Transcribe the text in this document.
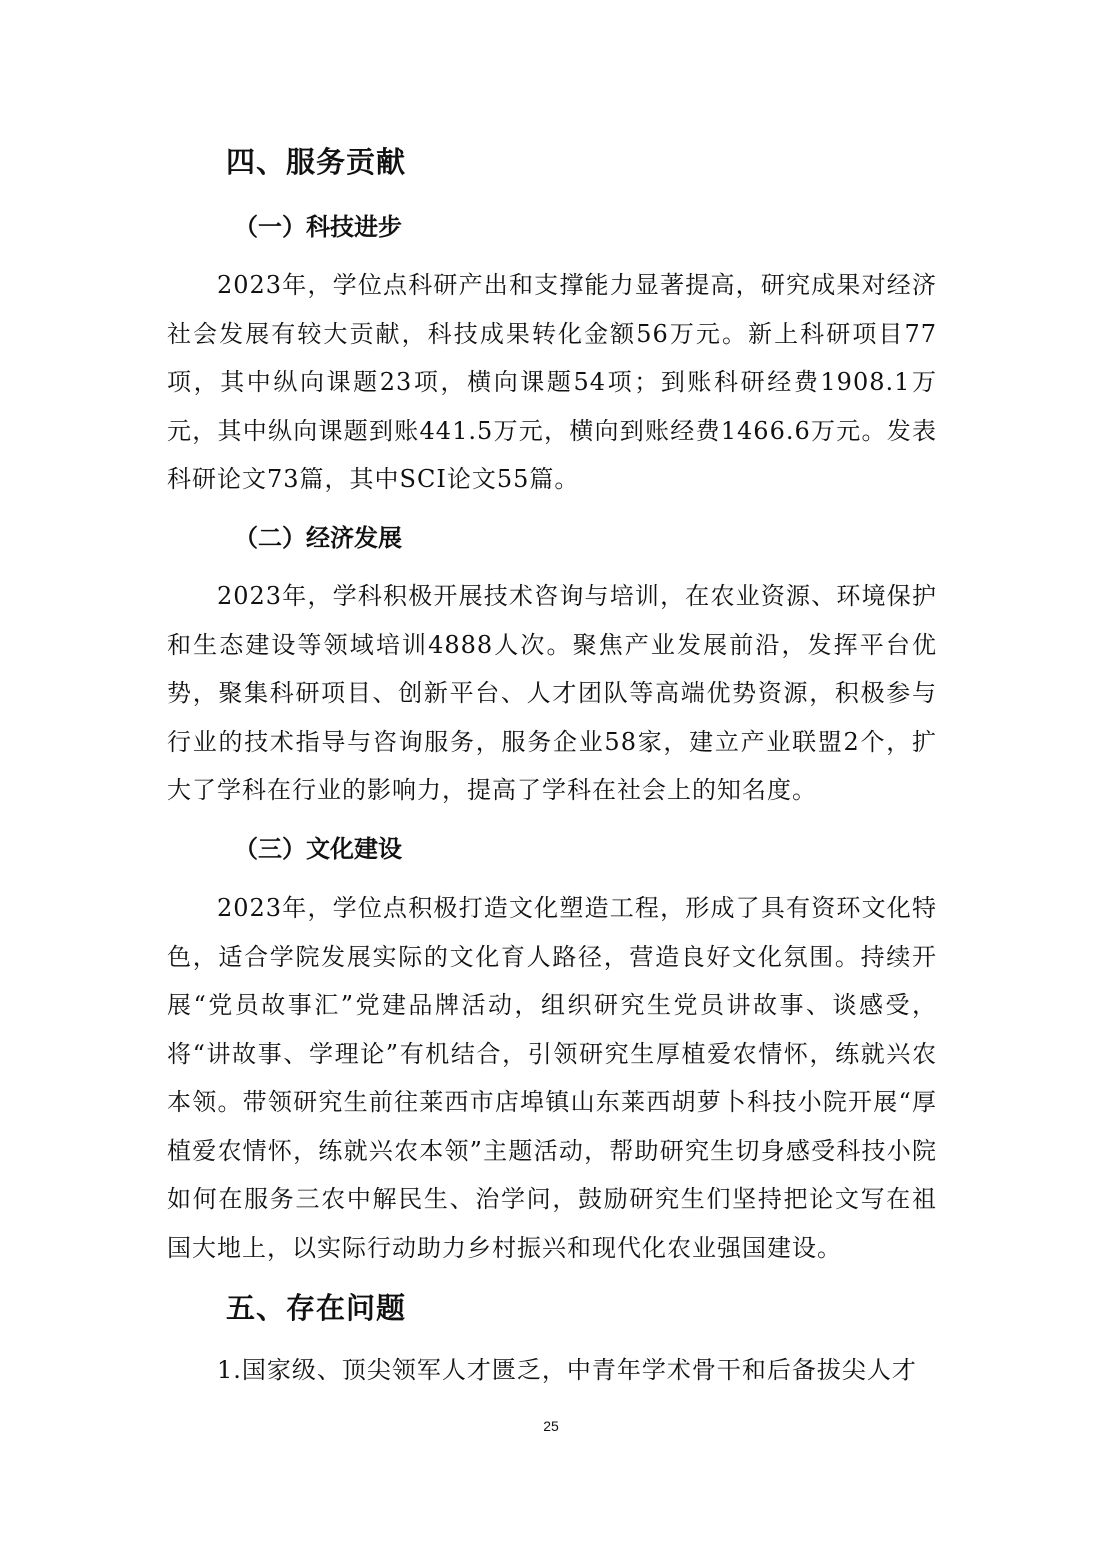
四、服务贡献
（一）科技进步

2023年，学位点科研产出和支撑能力显著提高，研究成果对经济社会发展有较大贡献，科技成果转化金额56万元。新上科研项目77项，其中纵向课题23项，横向课题54项；到账科研经费1908.1万元，其中纵向课题到账441.5万元，横向到账经费1466.6万元。发表科研论文73篇，其中SCI论文55篇。

（二）经济发展

2023年，学科积极开展技术咨询与培训，在农业资源、环境保护和生态建设等领域培训4888人次。聚焦产业发展前沿，发挥平台优势，聚集科研项目、创新平台、人才团队等高端优势资源，积极参与行业的技术指导与咨询服务，服务企业58家，建立产业联盟2个，扩大了学科在行业的影响力，提高了学科在社会上的知名度。

（三）文化建设

2023年，学位点积极打造文化塑造工程，形成了具有资环文化特色，适合学院发展实际的文化育人路径，营造良好文化氛围。持续开展“党员故事汇”党建品牌活动，组织研究生党员讲故事、谈感受，将“讲故事、学理论”有机结合，引领研究生厚植爱农情怀，练就兴农本领。带领研究生前往莱西市店埠镇山东莱西胡萝卜科技小院开展“厚植爱农情怀，练就兴农本领”主题活动，帮助研究生切身感受科技小院如何在服务三农中解民生、治学问，鼓励研究生们坚持把论文写在祖国大地上，以实际行动助力乡村振兴和现代化农业强国建设。

五、存在问题

1.国家级、顶尖领军人才匮乏，中青年学术骨干和后备拔尖人才

25
